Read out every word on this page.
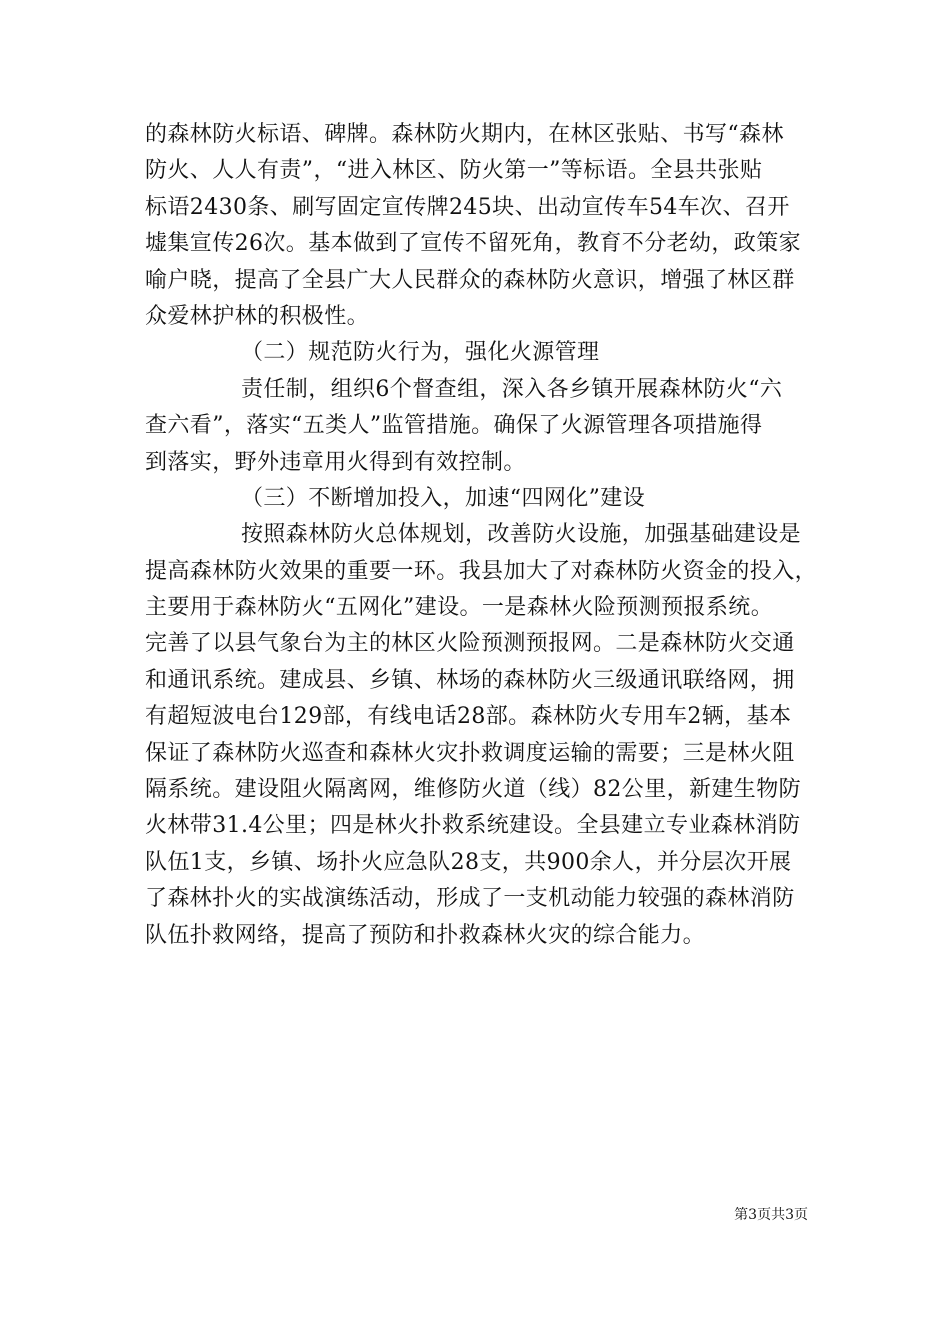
的森林防火标语、碑牌。森林防火期内，在林区张贴、书写“森林
防火、人人有责”，“进入林区、防火第一”等标语。全县共张贴
标语2430条、刷写固定宣传牌245块、出动宣传车54车次、召开
墟集宣传26次。基本做到了宣传不留死角，教育不分老幼，政策家
喻户晓，提高了全县广大人民群众的森林防火意识，增强了林区群
众爱林护林的积极性。
（二）规范防火行为，强化火源管理
责任制，组织6个督查组，深入各乡镇开展森林防火“六
查六看”，落实“五类人”监管措施。确保了火源管理各项措施得
到落实，野外违章用火得到有效控制。
（三）不断增加投入，加速“四网化”建设
按照森林防火总体规划，改善防火设施，加强基础建设是
提高森林防火效果的重要一环。我县加大了对森林防火资金的投入，
主要用于森林防火“五网化”建设。一是森林火险预测预报系统。
完善了以县气象台为主的林区火险预测预报网。二是森林防火交通
和通讯系统。建成县、乡镇、林场的森林防火三级通讯联络网，拥
有超短波电台129部，有线电话28部。森林防火专用车2辆，基本
保证了森林防火巡查和森林火灾扑救调度运输的需要；三是林火阻
隔系统。建设阻火隔离网，维修防火道（线）82公里，新建生物防
火林带31.4公里；四是林火扑救系统建设。全县建立专业森林消防
队伍1支，乡镇、场扑火应急队28支，共900余人，并分层次开展
了森林扑火的实战演练活动，形成了一支机动能力较强的森林消防
队伍扑救网络，提高了预防和扑救森林火灾的综合能力。
第3页共3页
